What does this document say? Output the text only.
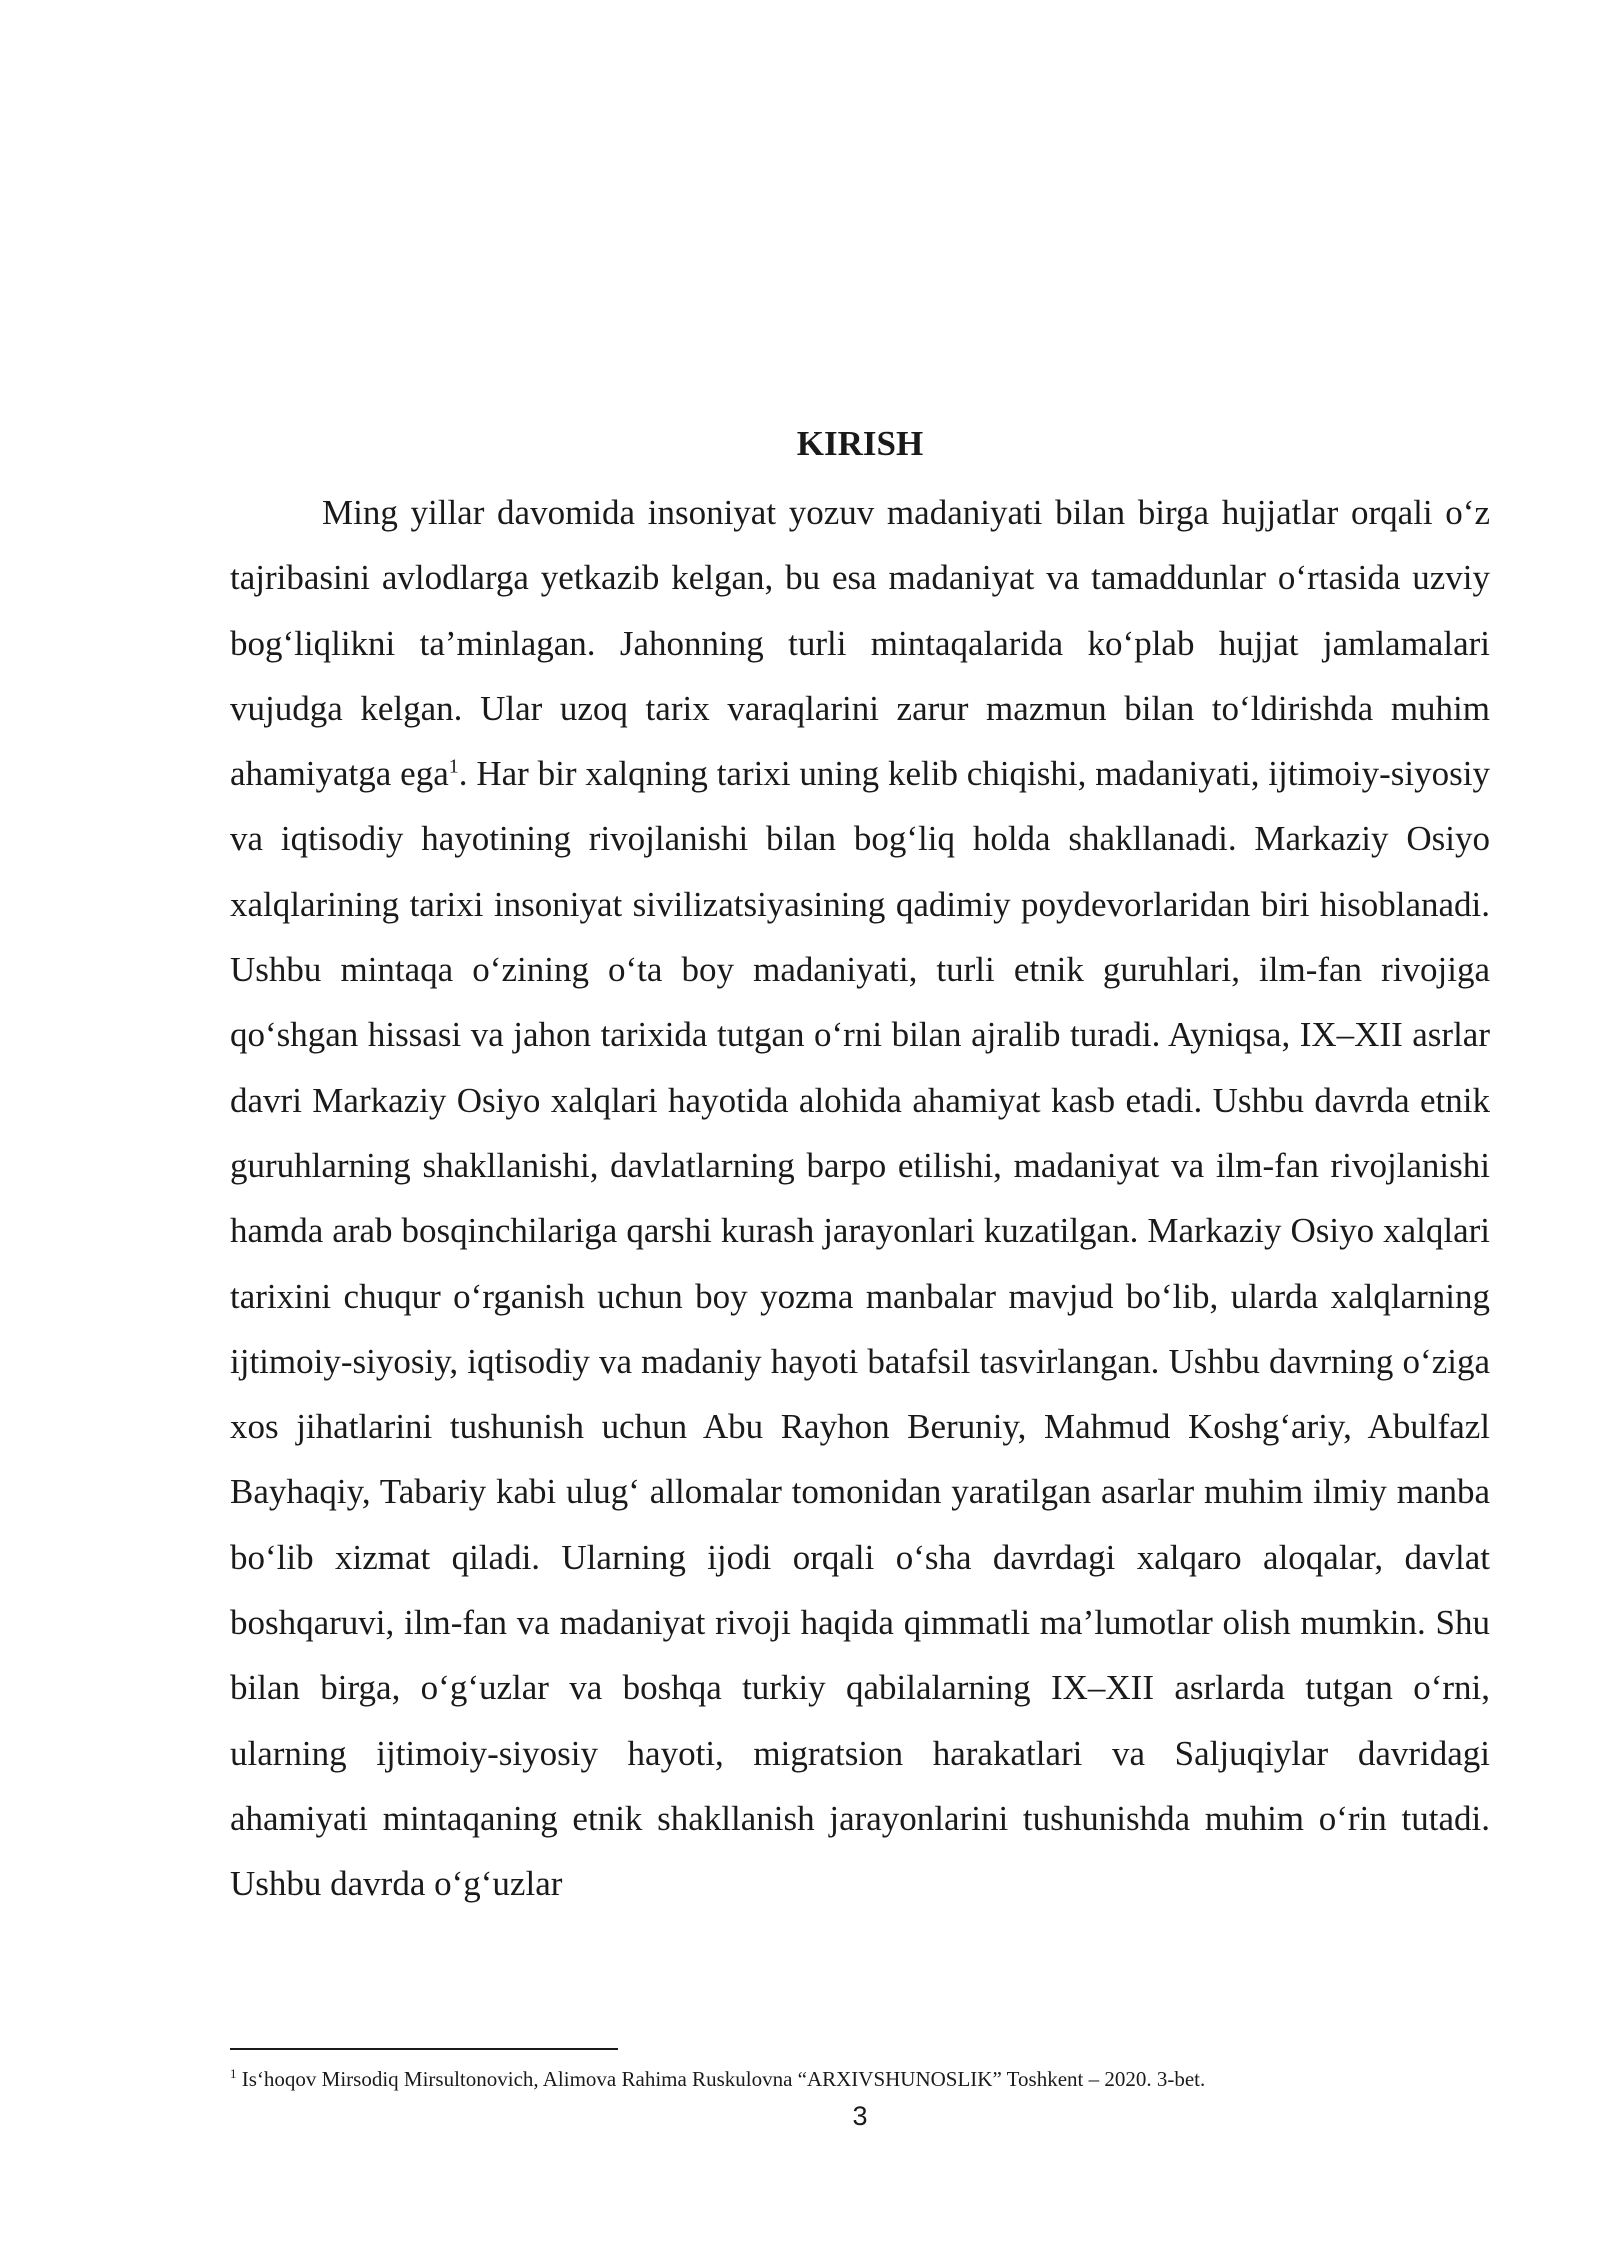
KIRISH

Ming yillar davomida insoniyat yozuv madaniyati bilan birga hujjatlar orqali o‘z tajribasini avlodlarga yetkazib kelgan, bu esa madaniyat va tamaddunlar o‘rtasida uzviy bog‘liqlikni ta’minlagan. Jahonning turli mintaqalarida ko‘plab hujjat jamlamalari vujudga kelgan. Ular uzoq tarix varaqlarini zarur mazmun bilan to‘ldirishda muhim ahamiyatga ega$^1$. Har bir xalqning tarixi uning kelib chiqishi, madaniyati, ijtimoiy-siyosiy va iqtisodiy hayotining rivojlanishi bilan bog‘liq holda shakllanadi. Markaziy Osiyo xalqlarining tarixi insoniyat sivilizatsiyasining qadimiy poydevorlaridan biri hisoblanadi. Ushbu mintaqa o‘zining o‘ta boy madaniyati, turli etnik guruhlari, ilm-fan rivojiga qo‘shgan hissasi va jahon tarixida tutgan o‘rni bilan ajralib turadi. Ayniqsa, IX–XII asrlar davri Markaziy Osiyo xalqlari hayotida alohida ahamiyat kasb etadi. Ushbu davrda etnik guruhlarning shakllanishi, davlatlarning barpo etilishi, madaniyat va ilm-fan rivojlanishi hamda arab bosqinchilariga qarshi kurash jarayonlari kuzatilgan. Markaziy Osiyo xalqlari tarixini chuqur o‘rganish uchun boy yozma manbalar mavjud bo‘lib, ularda xalqlarning ijtimoiy-siyosiy, iqtisodiy va madaniy hayoti batafsil tasvirlangan. Ushbu davrning o‘ziga xos jihatlarini tushunish uchun Abu Rayhon Beruniy, Mahmud Koshg‘ariy, Abulfazl Bayhaqiy, Tabariy kabi ulug‘ allomalar tomonidan yaratilgan asarlar muhim ilmiy manba bo‘lib xizmat qiladi. Ularning ijodi orqali o‘sha davrdagi xalqaro aloqalar, davlat boshqaruvi, ilm-fan va madaniyat rivoji haqida qimmatli ma’lumotlar olish mumkin. Shu bilan birga, o‘g‘uzlar va boshqa turkiy qabilalarning IX–XII asrlarda tutgan o‘rni, ularning ijtimoiy-siyosiy hayoti, migratsion harakatlari va Saljuqiylar davridagi ahamiyati mintaqaning etnik shakllanish jarayonlarini tushunishda muhim o‘rin tutadi. Ushbu davrda o‘g‘uzlar

$^1$ Is‘hoqov Mirsodiq Mirsultonovich, Alimova Rahima Ruskulovna “ARXIVSHUNOSLIK” Toshkent – 2020. 3-bet.

3
